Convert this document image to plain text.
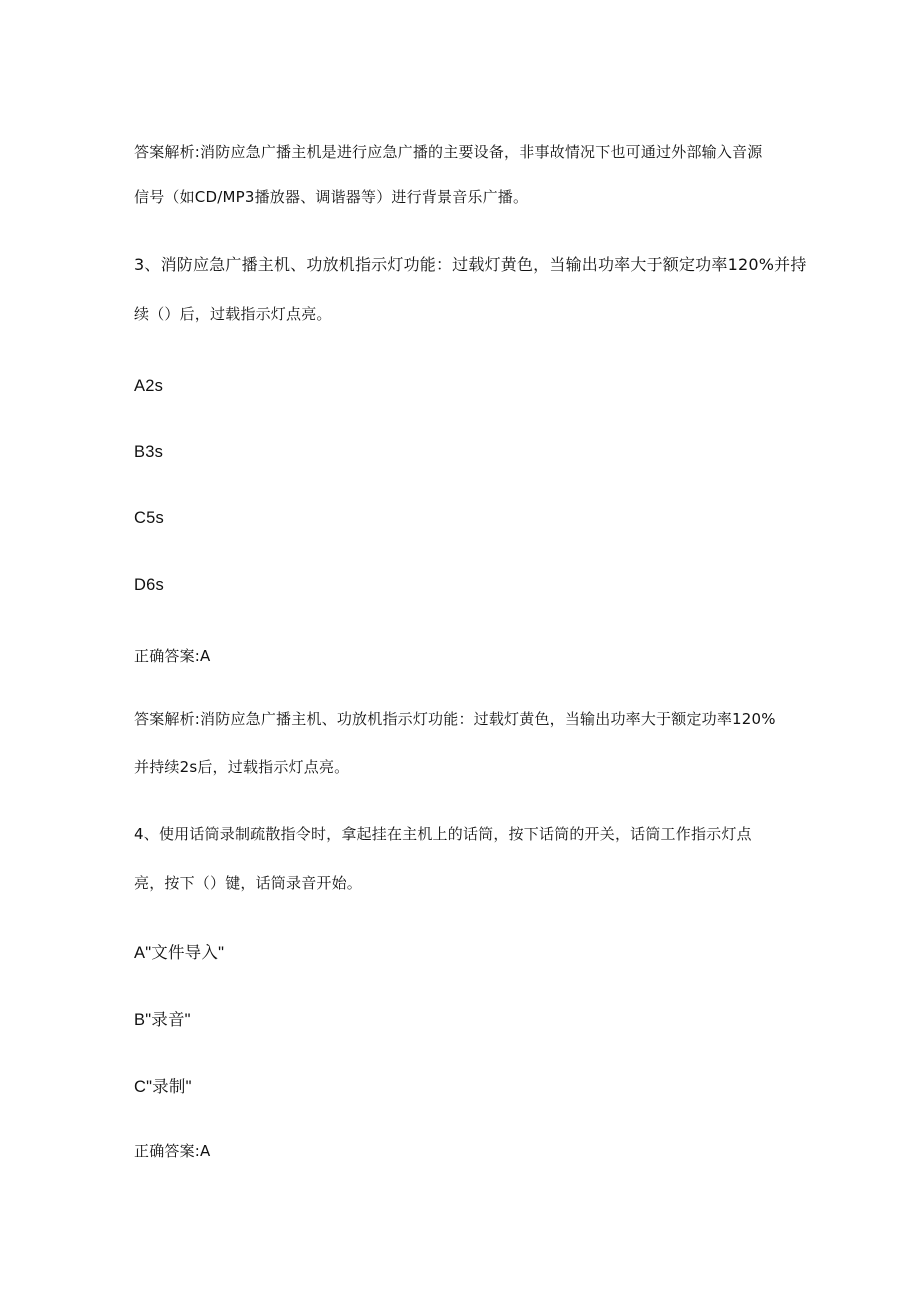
答案解析:消防应急广播主机是进行应急广播的主要设备，非事故情况下也可通过外部输入音源
信号（如CD/MP3播放器、调谐器等）进行背景音乐广播。
3、消防应急广播主机、功放机指示灯功能：过载灯黄色，当输出功率大于额定功率120%并持
续（）后，过载指示灯点亮。
A2s
B3s
C5s
D6s
正确答案:A
答案解析:消防应急广播主机、功放机指示灯功能：过载灯黄色，当输出功率大于额定功率120%
并持续2s后，过载指示灯点亮。
4、使用话筒录制疏散指令时，拿起挂在主机上的话筒，按下话筒的开关，话筒工作指示灯点
亮，按下（）键，话筒录音开始。
A"文件导入"
B"录音"
C"录制"
正确答案:A
